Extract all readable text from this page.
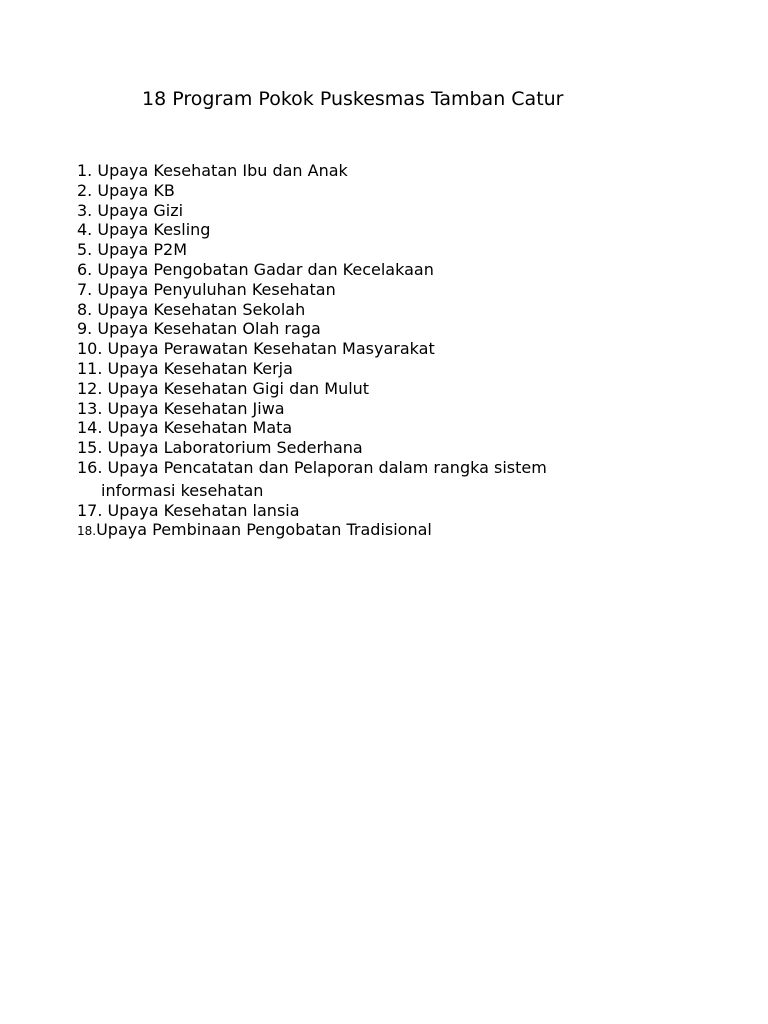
18 Program Pokok Puskesmas Tamban Catur
1. Upaya Kesehatan Ibu dan Anak
2. Upaya KB
3. Upaya Gizi
4. Upaya Kesling
5. Upaya P2M
6. Upaya Pengobatan Gadar dan Kecelakaan
7. Upaya Penyuluhan Kesehatan
8. Upaya Kesehatan Sekolah
9. Upaya Kesehatan Olah raga
10. Upaya Perawatan Kesehatan Masyarakat
11. Upaya Kesehatan Kerja
12. Upaya Kesehatan Gigi dan Mulut
13. Upaya Kesehatan Jiwa
14. Upaya Kesehatan Mata
15. Upaya Laboratorium Sederhana
16. Upaya Pencatatan dan Pelaporan dalam rangka sistem
informasi kesehatan
17. Upaya Kesehatan lansia
18.Upaya Pembinaan Pengobatan Tradisional
